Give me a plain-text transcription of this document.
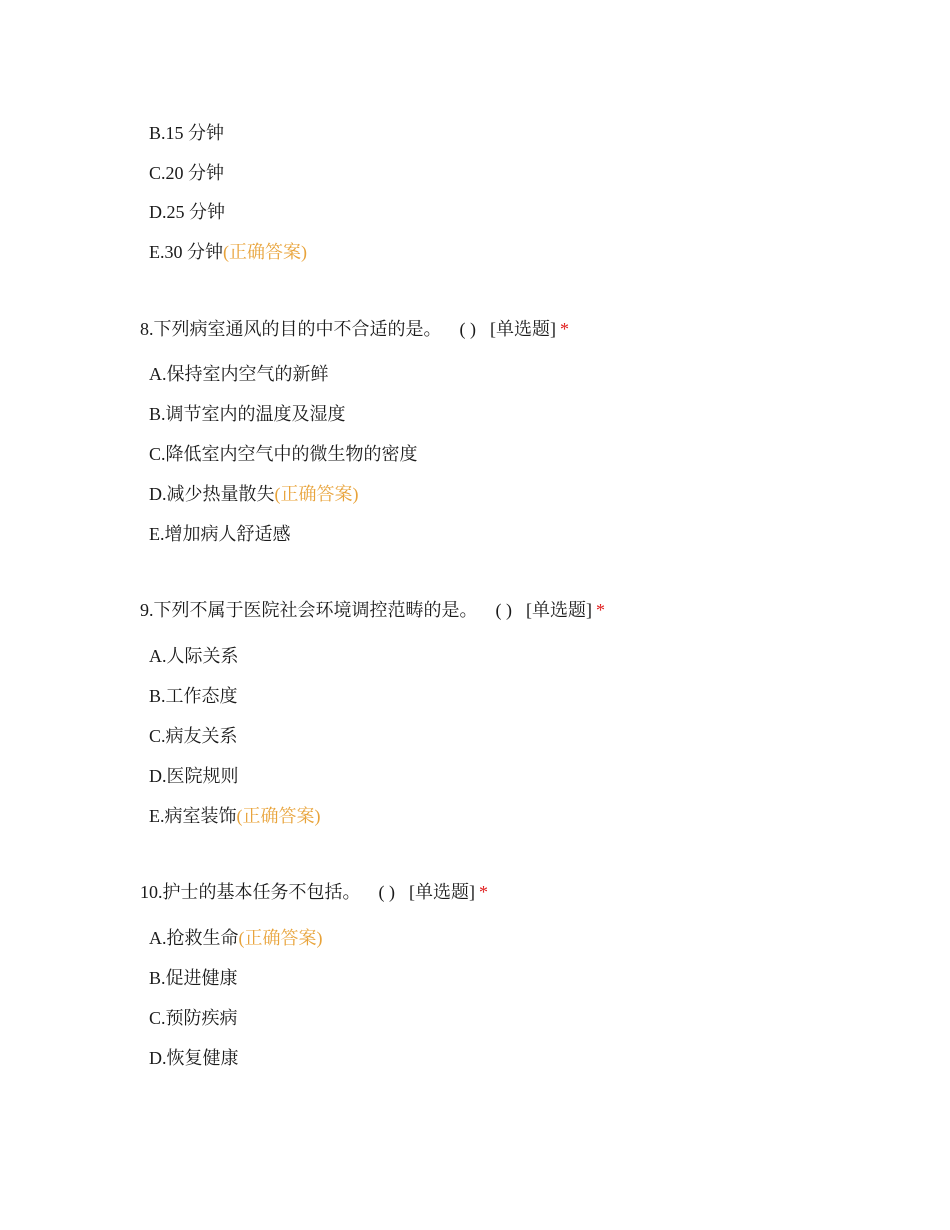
B.15 分钟
C.20 分钟
D.25 分钟
E.30 分钟(正确答案)
8.下列病室通风的目的中不合适的是。 ( ) [单选题] *
A.保持室内空气的新鲜
B.调节室内的温度及湿度
C.降低室内空气中的微生物的密度
D.减少热量散失(正确答案)
E.增加病人舒适感
9.下列不属于医院社会环境调控范畴的是。 ( ) [单选题] *
A.人际关系
B.工作态度
C.病友关系
D.医院规则
E.病室装饰(正确答案)
10.护士的基本任务不包括。 ( ) [单选题] *
A.抢救生命(正确答案)
B.促进健康
C.预防疾病
D.恢复健康
